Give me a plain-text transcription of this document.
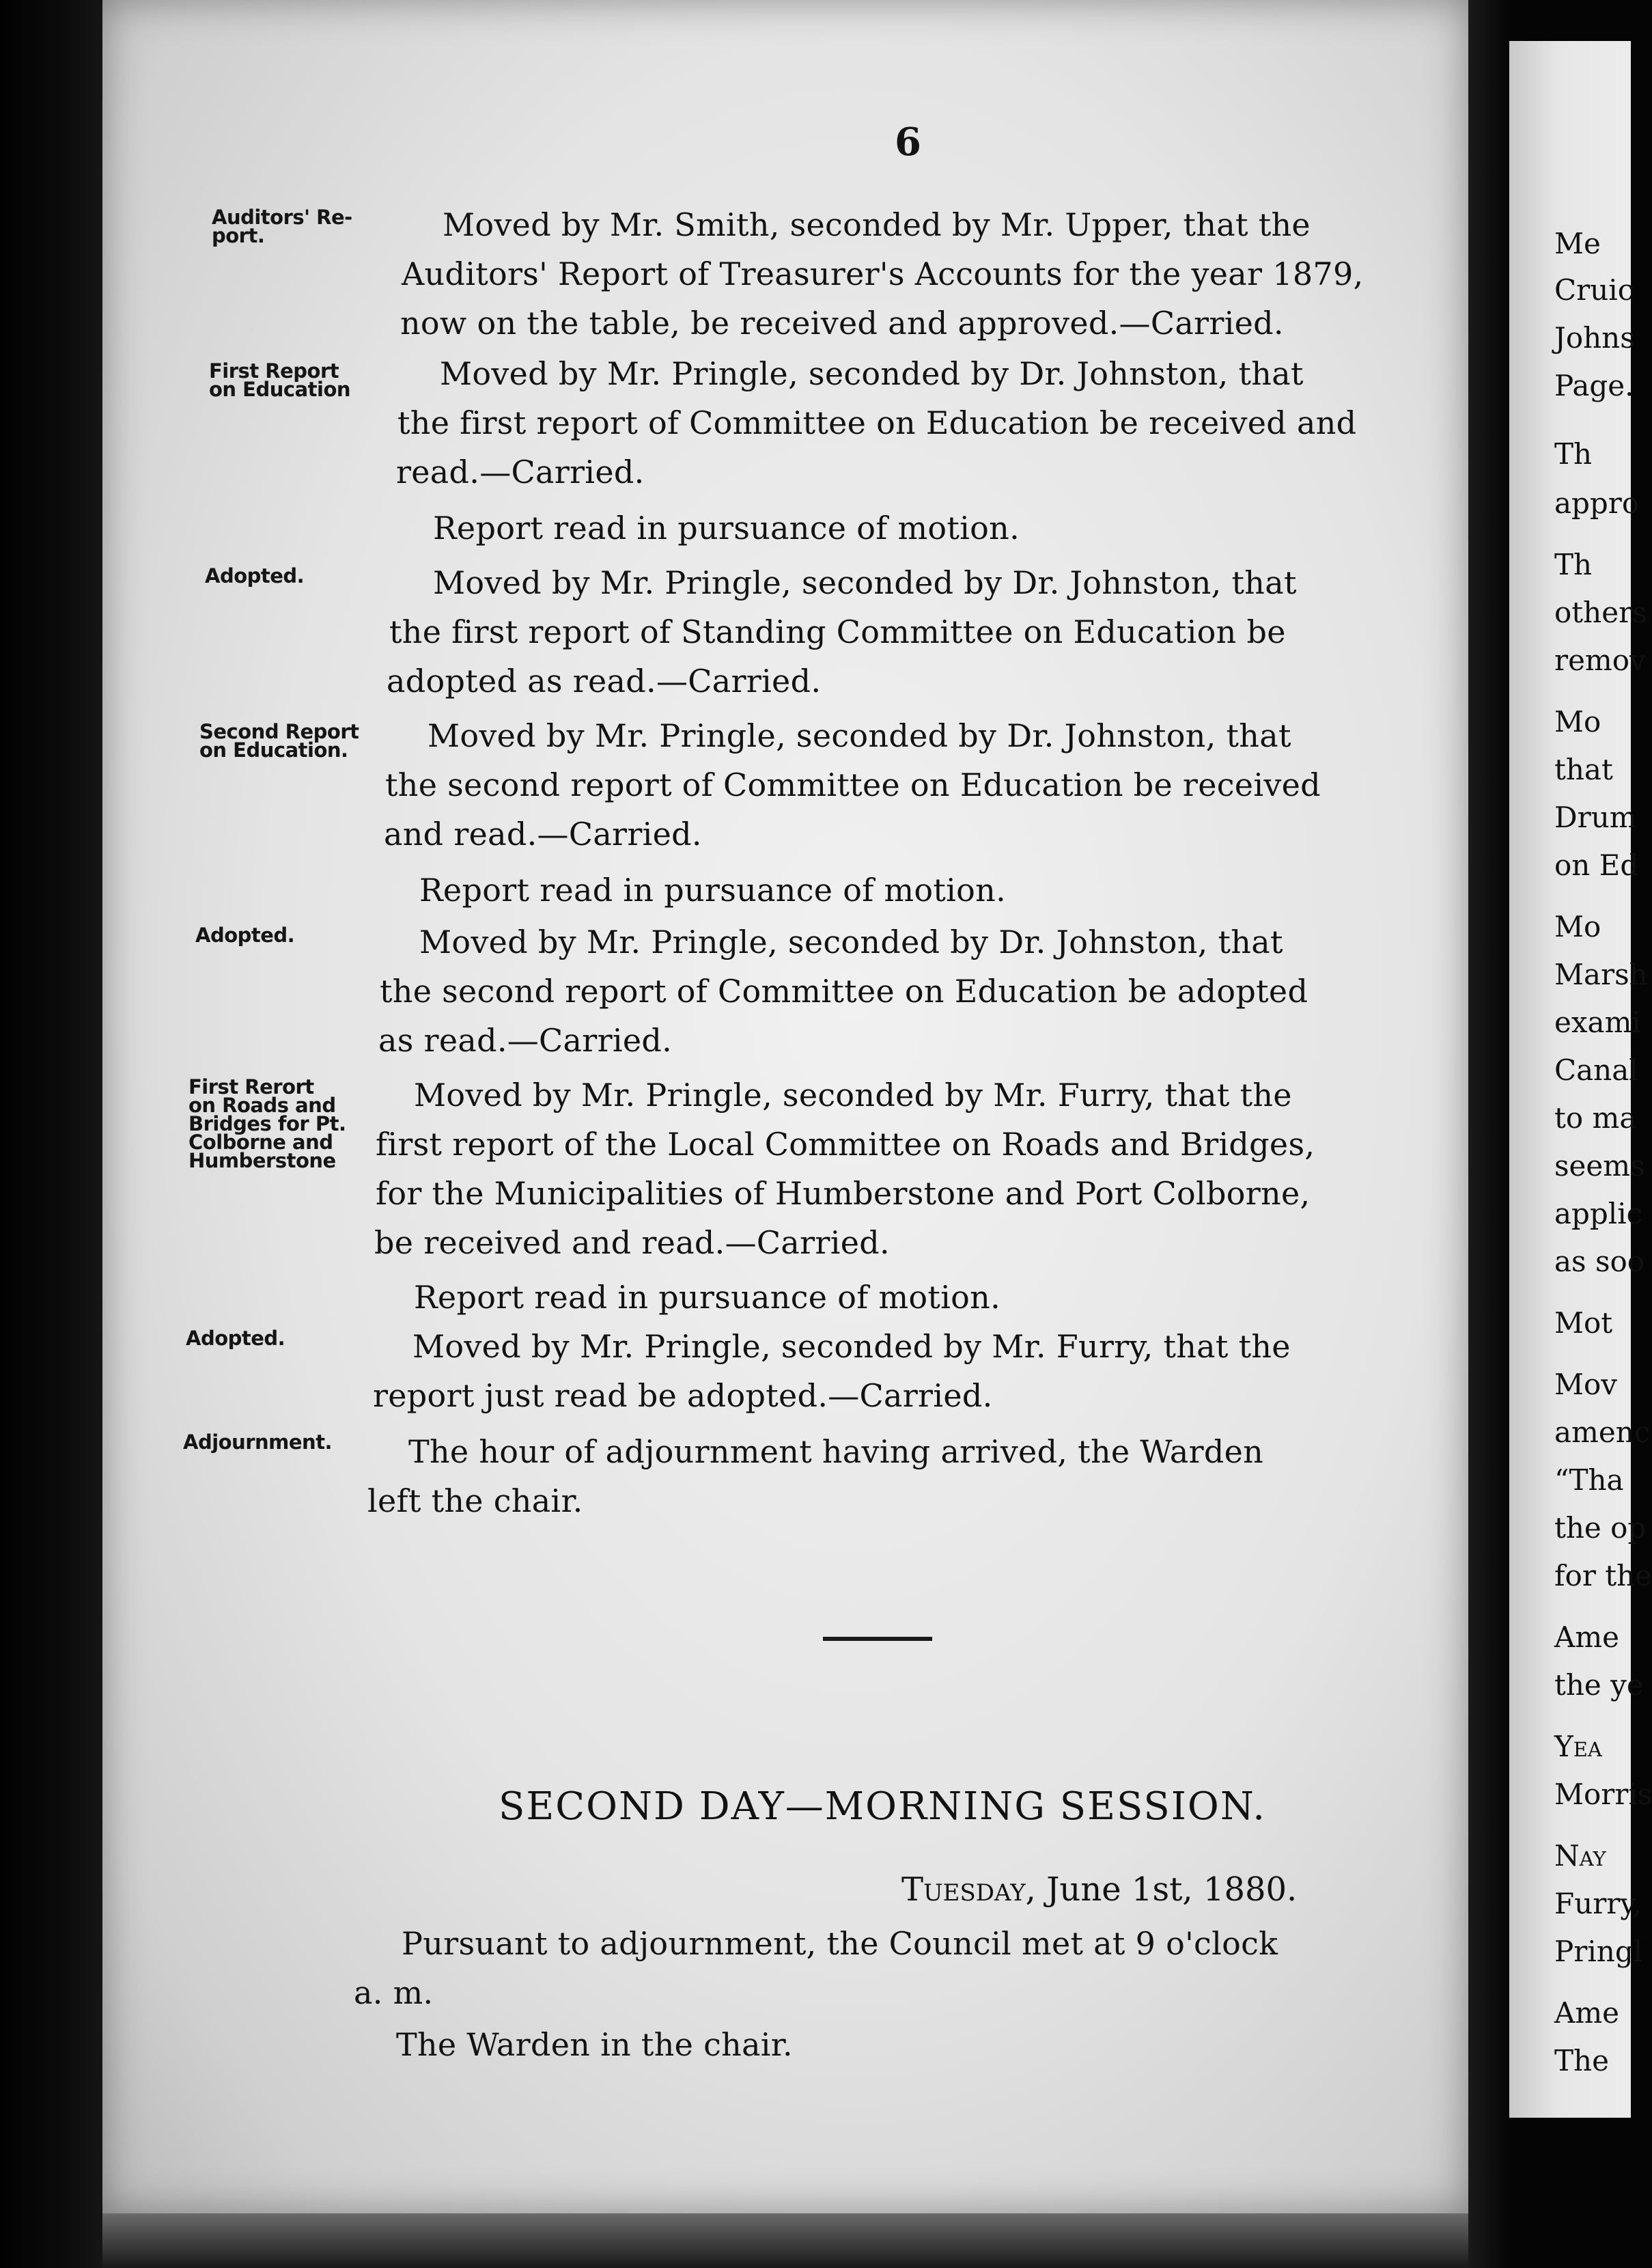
Me
Cruic
Johns
Page.
Th
appro
Th
others
remov
Mo
that
Drum
on Ed
Mo
Marsh
exami
Canal
to ma
seems
applic
as soo
Mot
Mov
amenc
“Tha
the op
for the
Ame
the ye
Yea
Morris
Nay
Furry,
Pringl
Ame
The
6
Auditors' Re-
port.	Moved by Mr. Smith, seconded by Mr. Upper, that the
Auditors' Report of Treasurer's Accounts for the year 1879,
now on the table, be received and approved.—Carried.
First Report
on Education	Moved by Mr. Pringle, seconded by Dr. Johnston, that
the first report of Committee on Education be received and
read.—Carried.
Report read in pursuance of motion.
Adopted.	Moved by Mr. Pringle, seconded by Dr. Johnston, that
the first report of Standing Committee on Education be
adopted as read.—Carried.
Second Report
on Education.	Moved by Mr. Pringle, seconded by Dr. Johnston, that
the second report of Committee on Education be received
and read.—Carried.
Report read in pursuance of motion.
Adopted.	Moved by Mr. Pringle, seconded by Dr. Johnston, that
the second report of Committee on Education be adopted
as read.—Carried.
First Rerort
on Roads and
Bridges for Pt.
Colborne and
Humberstone
Moved by Mr. Pringle, seconded by Mr. Furry, that the
first report of the Local Committee on Roads and Bridges,
for the Municipalities of Humberstone and Port Colborne,
be received and read.—Carried.
Report read in pursuance of motion.
Adopted.	Moved by Mr. Pringle, seconded by Mr. Furry, that the
report just read be adopted.—Carried.
Adjournment. The hour of adjournment having arrived, the Warden
left the chair.
SECOND DAY—MORNING SESSION.
Tuesday, June 1st, 1880.
Pursuant to adjournment, the Council met at 9 o'clock
a. m.
The Warden in the chair.
